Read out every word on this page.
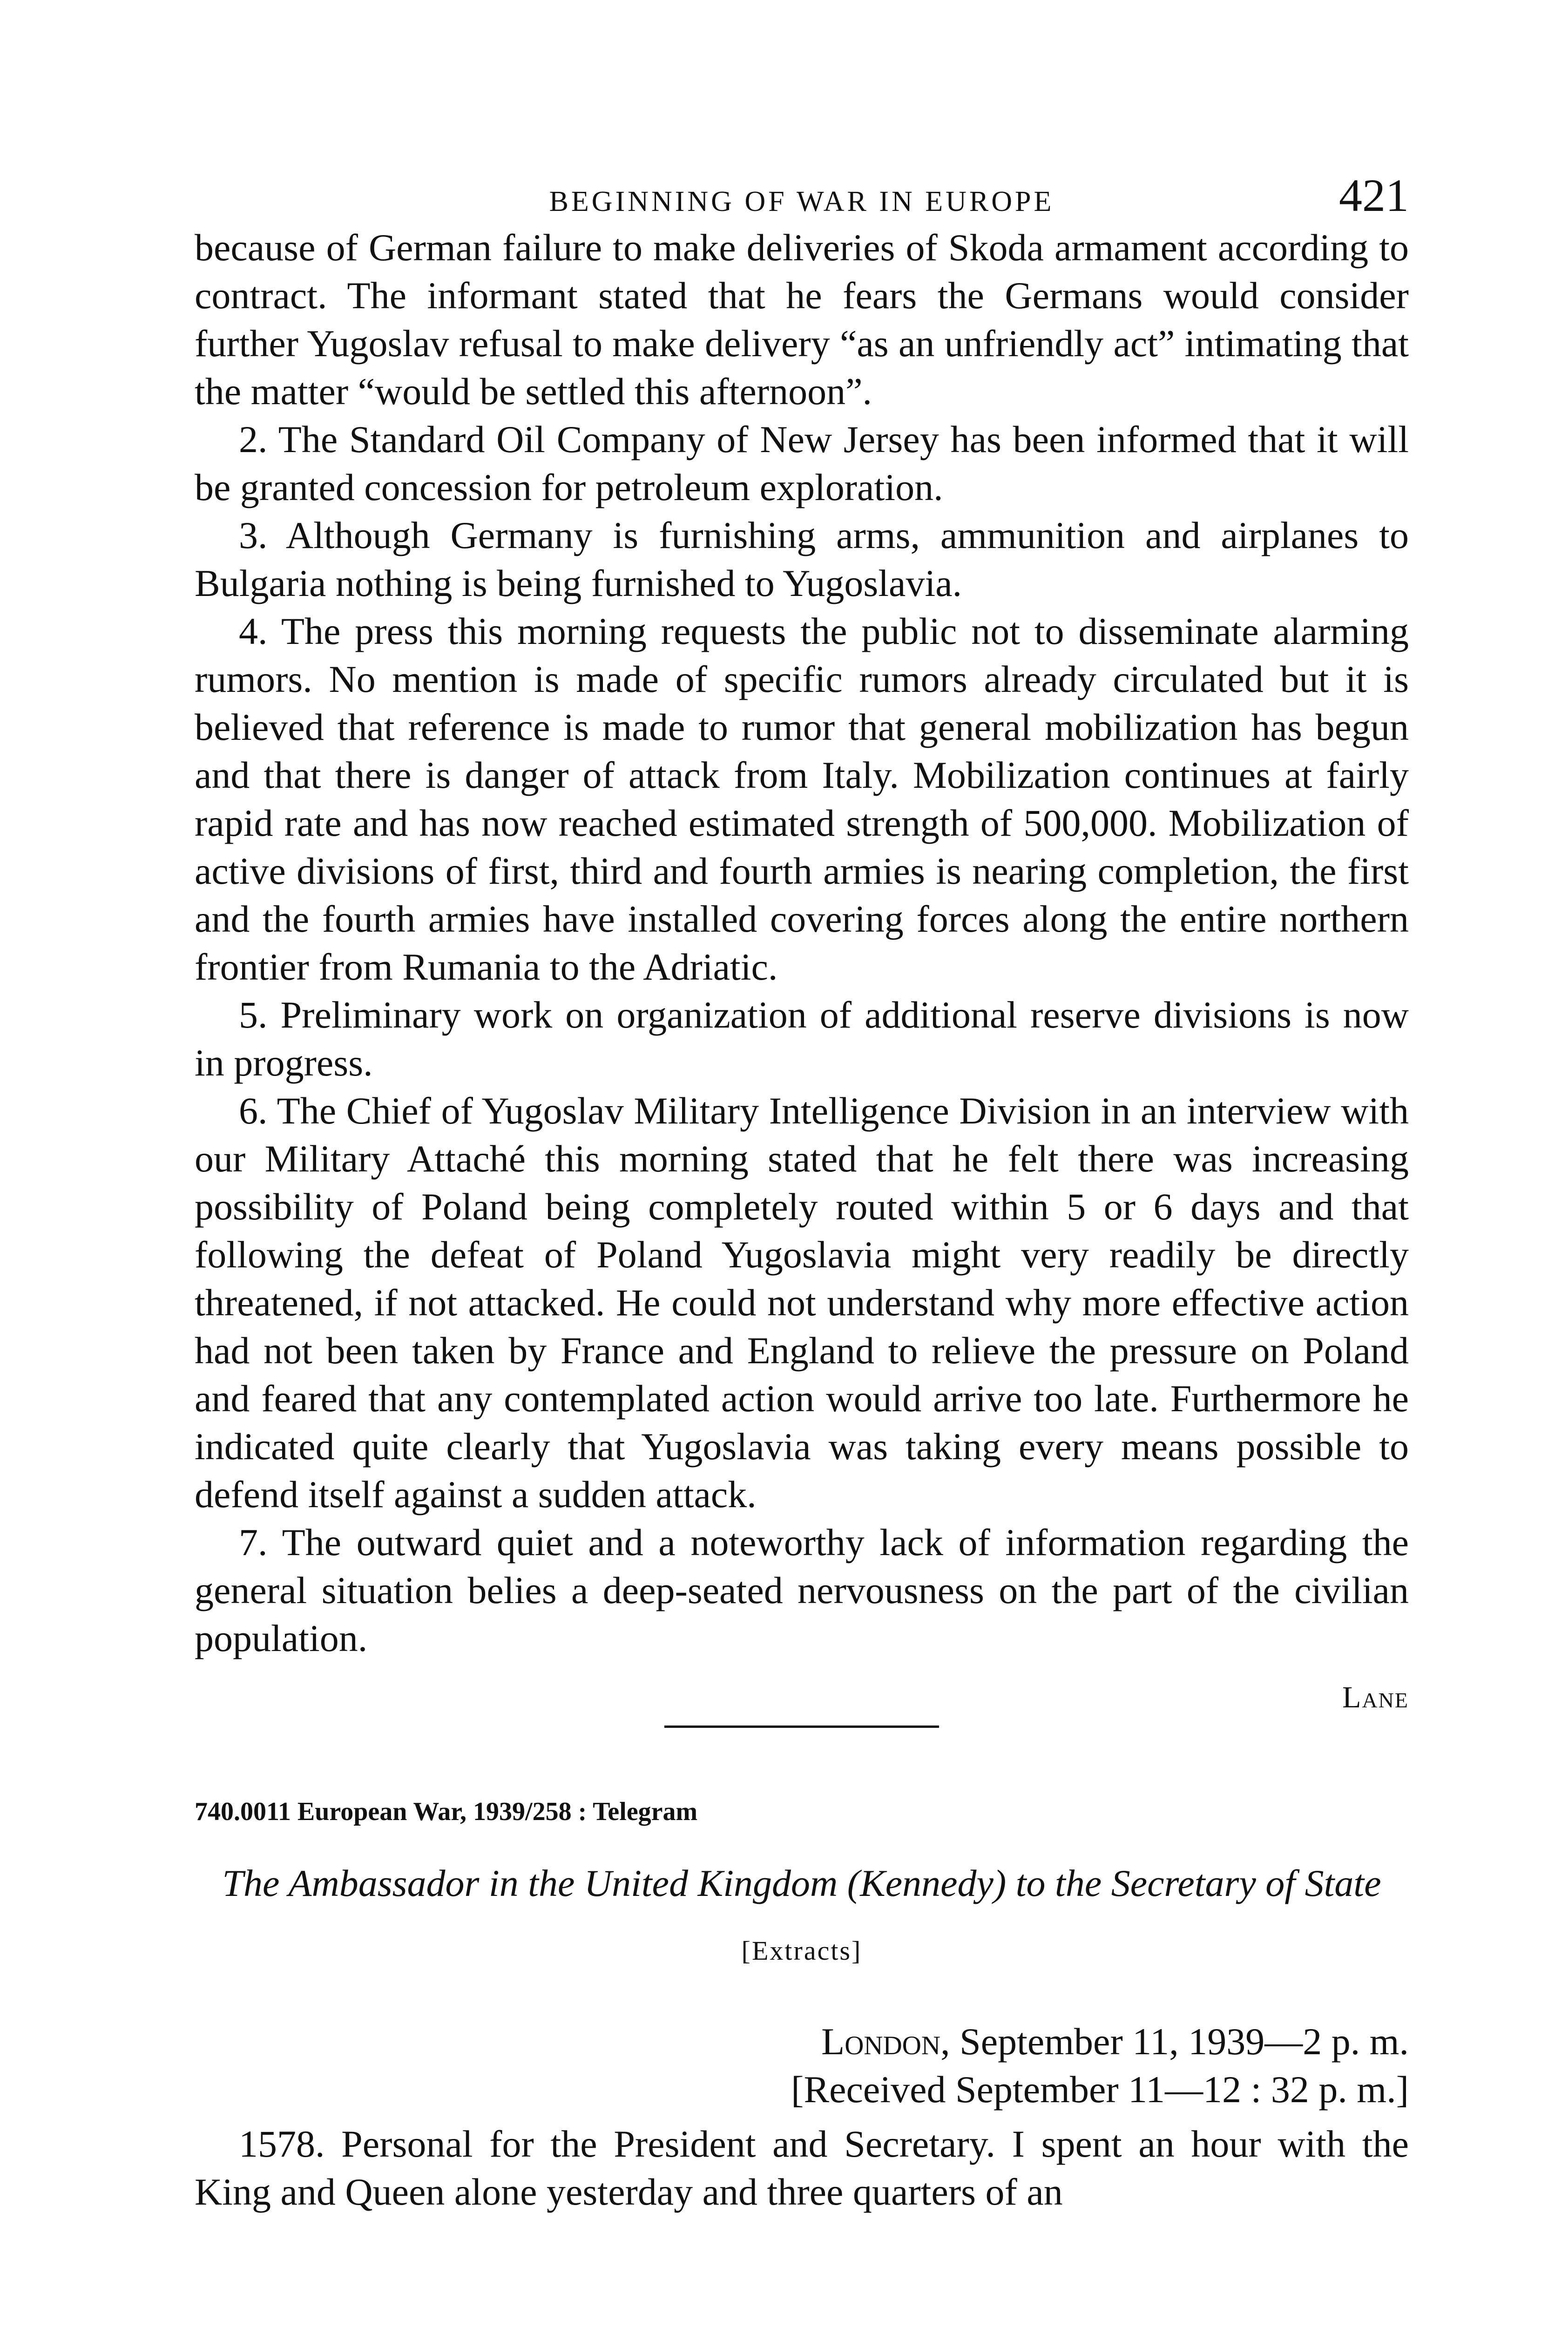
BEGINNING OF WAR IN EUROPE	421

because of German failure to make deliveries of Skoda armament according to contract. The informant stated that he fears the Germans would consider further Yugoslav refusal to make delivery “as an unfriendly act” intimating that the matter “would be settled this afternoon”.

2. The Standard Oil Company of New Jersey has been informed that it will be granted concession for petroleum exploration.

3. Although Germany is furnishing arms, ammunition and airplanes to Bulgaria nothing is being furnished to Yugoslavia.

4. The press this morning requests the public not to disseminate alarming rumors. No mention is made of specific rumors already circulated but it is believed that reference is made to rumor that general mobilization has begun and that there is danger of attack from Italy. Mobilization continues at fairly rapid rate and has now reached estimated strength of 500,000. Mobilization of active divisions of first, third and fourth armies is nearing completion, the first and the fourth armies have installed covering forces along the entire northern frontier from Rumania to the Adriatic.

5. Preliminary work on organization of additional reserve divisions is now in progress.

6. The Chief of Yugoslav Military Intelligence Division in an interview with our Military Attaché this morning stated that he felt there was increasing possibility of Poland being completely routed within 5 or 6 days and that following the defeat of Poland Yugoslavia might very readily be directly threatened, if not attacked. He could not understand why more effective action had not been taken by France and England to relieve the pressure on Poland and feared that any contemplated action would arrive too late. Furthermore he indicated quite clearly that Yugoslavia was taking every means possible to defend itself against a sudden attack.

7. The outward quiet and a noteworthy lack of information regarding the general situation belies a deep-seated nervousness on the part of the civilian population.

Lane
740.0011 European War, 1939/258 : Telegram
The Ambassador in the United Kingdom (Kennedy) to the Secretary of State
[Extracts]
London, September 11, 1939—2 p. m.
[Received September 11—12 : 32 p. m.]

1578. Personal for the President and Secretary. I spent an hour with the King and Queen alone yesterday and three quarters of an
